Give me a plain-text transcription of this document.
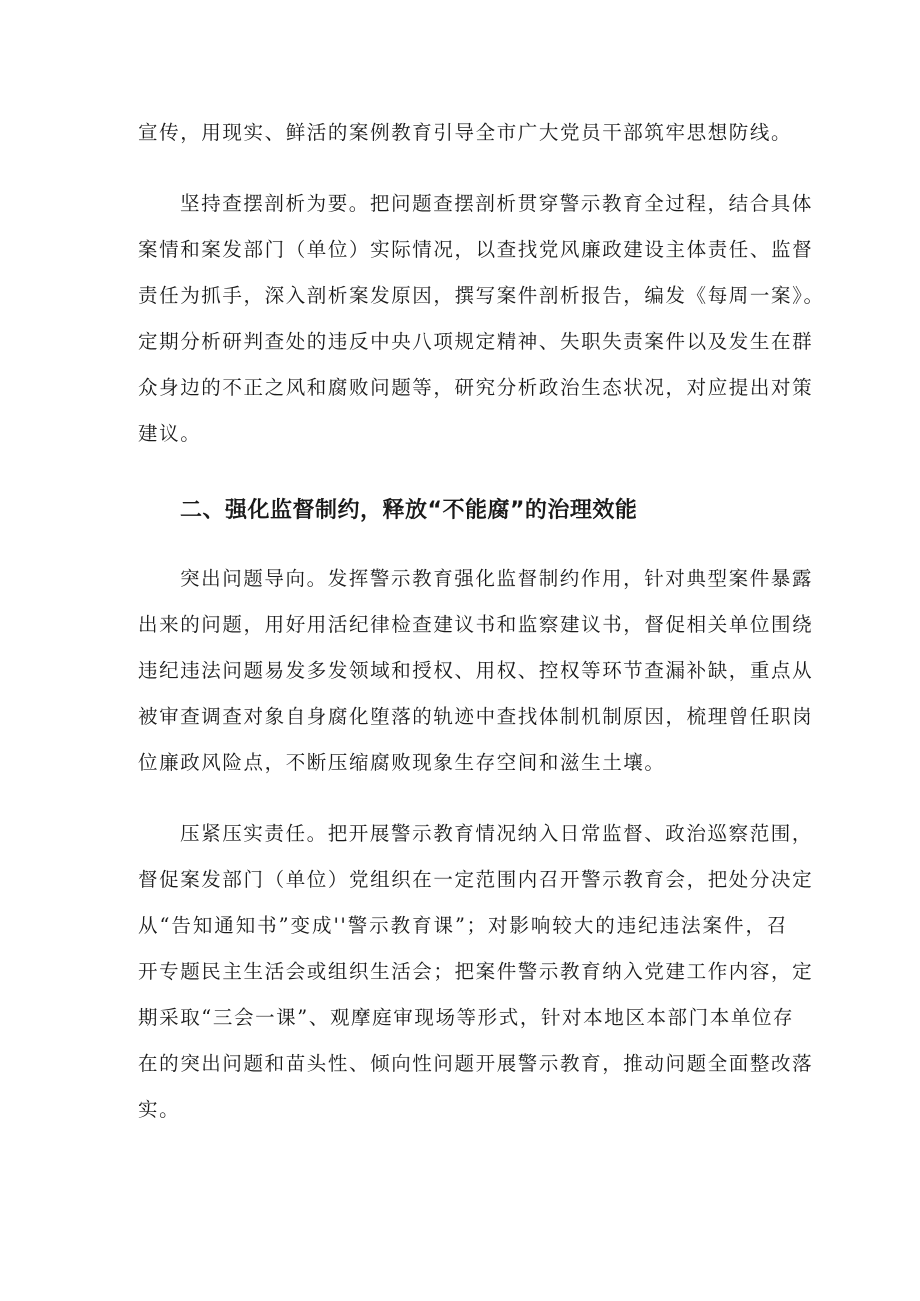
宣传，用现实、鲜活的案例教育引导全市广大党员干部筑牢思想防线。
坚持查摆剖析为要。把问题查摆剖析贯穿警示教育全过程，结合具体
案情和案发部门（单位）实际情况，以查找党风廉政建设主体责任、监督
责任为抓手，深入剖析案发原因，撰写案件剖析报告，编发《每周一案》。
定期分析研判查处的违反中央八项规定精神、失职失责案件以及发生在群
众身边的不正之风和腐败问题等，研究分析政治生态状况，对应提出对策
建议。
二、强化监督制约，释放“不能腐”的治理效能
突出问题导向。发挥警示教育强化监督制约作用，针对典型案件暴露
出来的问题，用好用活纪律检查建议书和监察建议书，督促相关单位围绕
违纪违法问题易发多发领域和授权、用权、控权等环节查漏补缺，重点从
被审查调查对象自身腐化堕落的轨迹中查找体制机制原因，梳理曾任职岗
位廉政风险点，不断压缩腐败现象生存空间和滋生土壤。
压紧压实责任。把开展警示教育情况纳入日常监督、政治巡察范围，
督促案发部门（单位）党组织在一定范围内召开警示教育会，把处分决定
从“告知通知书”变成''警示教育课”；对影响较大的违纪违法案件，召
开专题民主生活会或组织生活会；把案件警示教育纳入党建工作内容，定
期采取“三会一课”、观摩庭审现场等形式，针对本地区本部门本单位存
在的突出问题和苗头性、倾向性问题开展警示教育，推动问题全面整改落
实。
